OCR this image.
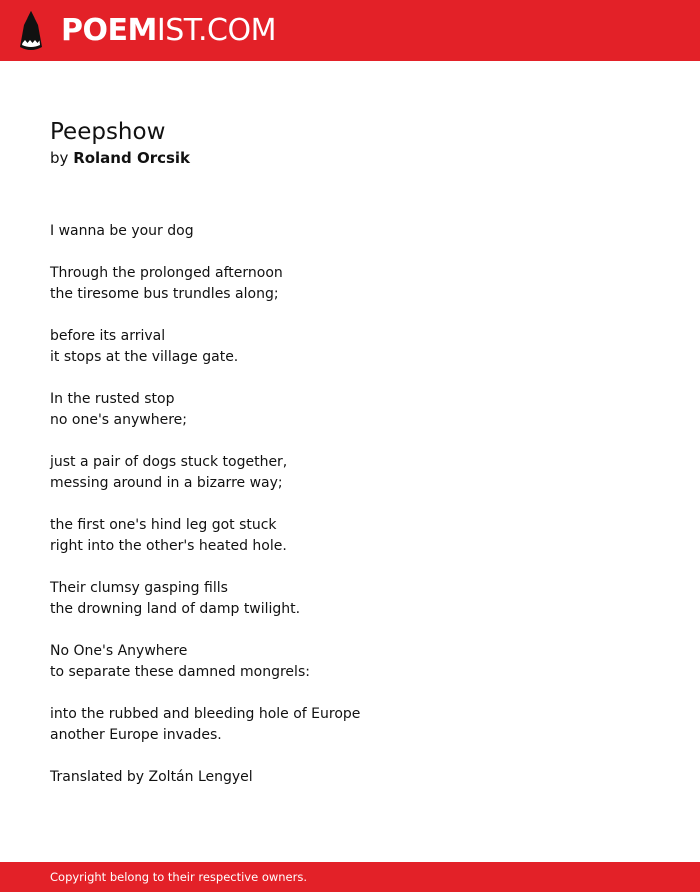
POEMIST.COM
Peepshow

by Roland Orcsik

I wanna be your dog

Through the prolonged afternoon
the tiresome bus trundles along;

before its arrival
it stops at the village gate.

In the rusted stop
no one's anywhere;

just a pair of dogs stuck together,
messing around in a bizarre way;

the first one's hind leg got stuck
right into the other's heated hole.

Their clumsy gasping fills
the drowning land of damp twilight.

No One's Anywhere
to separate these damned mongrels:

into the rubbed and bleeding hole of Europe
another Europe invades.

Translated by Zoltán Lengyel

Copyright belong to their respective owners.
